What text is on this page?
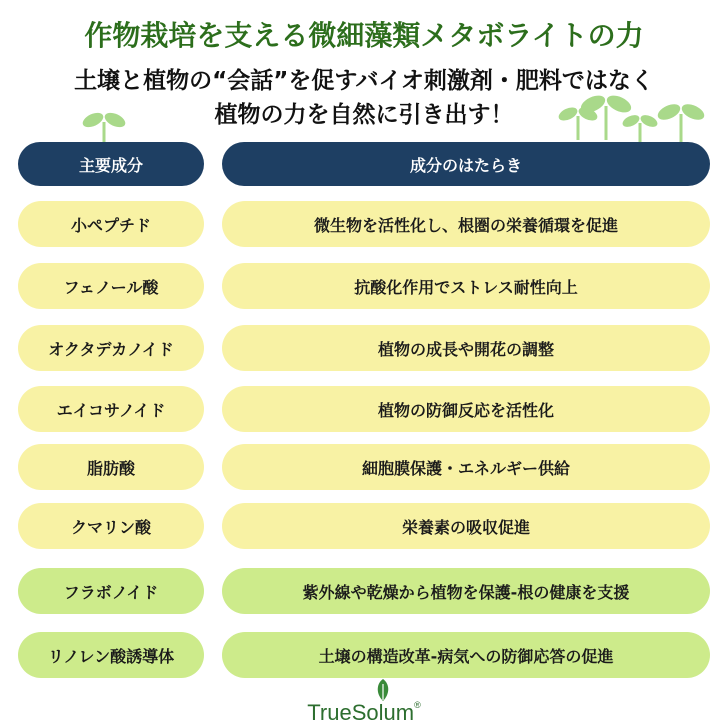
作物栽培を支える微細藻類メタボライトの力
土壌と植物の“会話”を促すバイオ刺激剤・肥料ではなく
植物の力を自然に引き出す！
主要成分	成分のはたらき
小ペプチド	微生物を活性化し、根圏の栄養循環を促進
フェノール酸	抗酸化作用でストレス耐性向上
オクタデカノイド	植物の成長や開花の調整
エイコサノイド	植物の防御反応を活性化
脂肪酸	細胞膜保護・エネルギー供給
クマリン酸	栄養素の吸収促進
フラボノイド	紫外線や乾燥から植物を保護-根の健康を支援
リノレン酸誘導体	土壌の構造改革-病気への防御応答の促進
TrueSolum®
